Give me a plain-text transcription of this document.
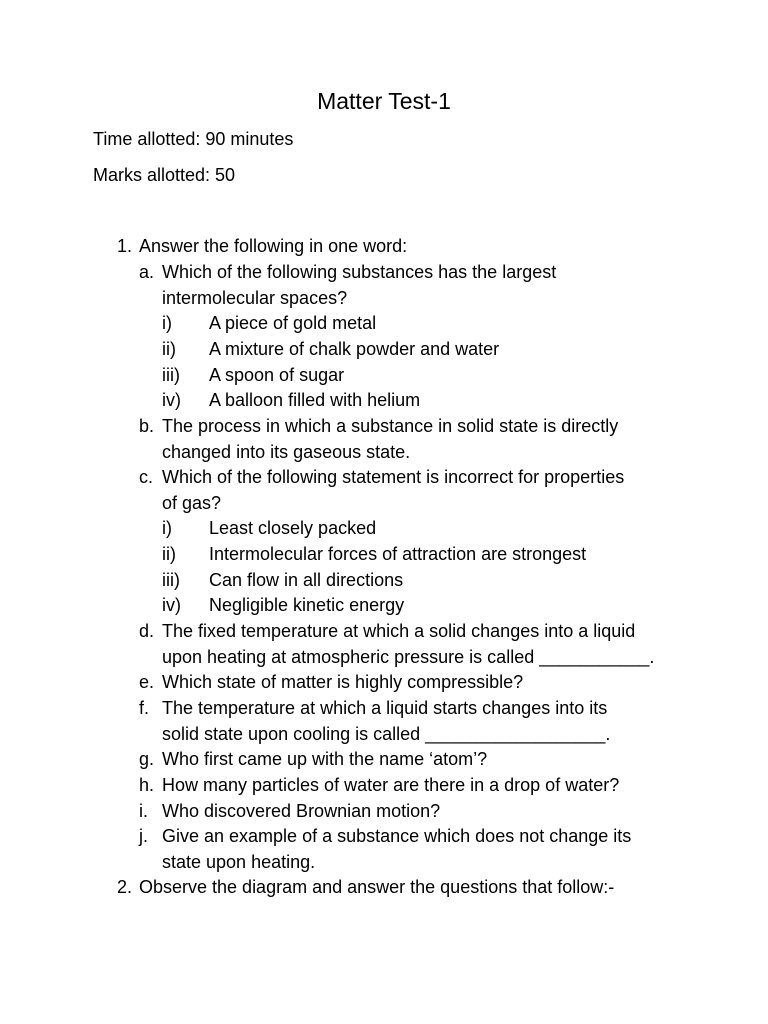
Matter Test-1
Time allotted: 90 minutes
Marks allotted: 50
1. Answer the following in one word:
a. Which of the following substances has the largest
intermolecular spaces?
i) A piece of gold metal
ii) A mixture of chalk powder and water
iii) A spoon of sugar
iv) A balloon filled with helium
b. The process in which a substance in solid state is directly
changed into its gaseous state.
c. Which of the following statement is incorrect for properties
of gas?
i) Least closely packed
ii) Intermolecular forces of attraction are strongest
iii) Can flow in all directions
iv) Negligible kinetic energy
d. The fixed temperature at which a solid changes into a liquid
upon heating at atmospheric pressure is called ___________.
e. Which state of matter is highly compressible?
f. The temperature at which a liquid starts changes into its
solid state upon cooling is called __________________.
g. Who first came up with the name ‘atom’?
h. How many particles of water are there in a drop of water?
i. Who discovered Brownian motion?
j. Give an example of a substance which does not change its
state upon heating.
2. Observe the diagram and answer the questions that follow:-
